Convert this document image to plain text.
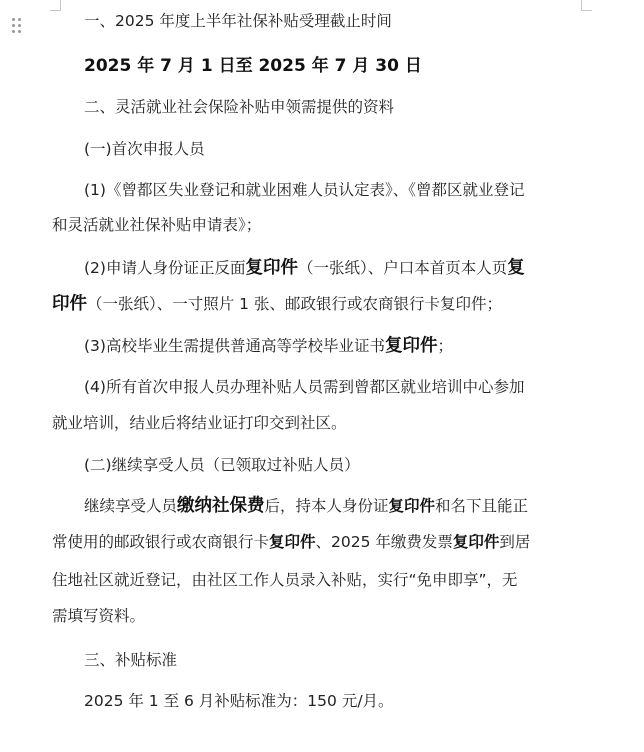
一、2025 年度上半年社保补贴受理截止时间
2025 年 7 月 1 日至 2025 年 7 月 30 日
二、灵活就业社会保险补贴申领需提供的资料
(一)首次申报人员
(1)《曾都区失业登记和就业困难人员认定表》、《曾都区就业登记
和灵活就业社保补贴申请表》；
(2)申请人身份证正反面复印件（一张纸）、户口本首页本人页复
印件（一张纸）、一寸照片 1 张、邮政银行或农商银行卡复印件；
(3)高校毕业生需提供普通高等学校毕业证书复印件；
(4)所有首次申报人员办理补贴人员需到曾都区就业培训中心参加
就业培训，结业后将结业证打印交到社区。
(二)继续享受人员（已领取过补贴人员）
继续享受人员缴纳社保费后，持本人身份证复印件和名下且能正
常使用的邮政银行或农商银行卡复印件、2025 年缴费发票复印件到居
住地社区就近登记，由社区工作人员录入补贴，实行“免申即享”，无
需填写资料。
三、补贴标准
2025 年 1 至 6 月补贴标准为：150 元/月。
